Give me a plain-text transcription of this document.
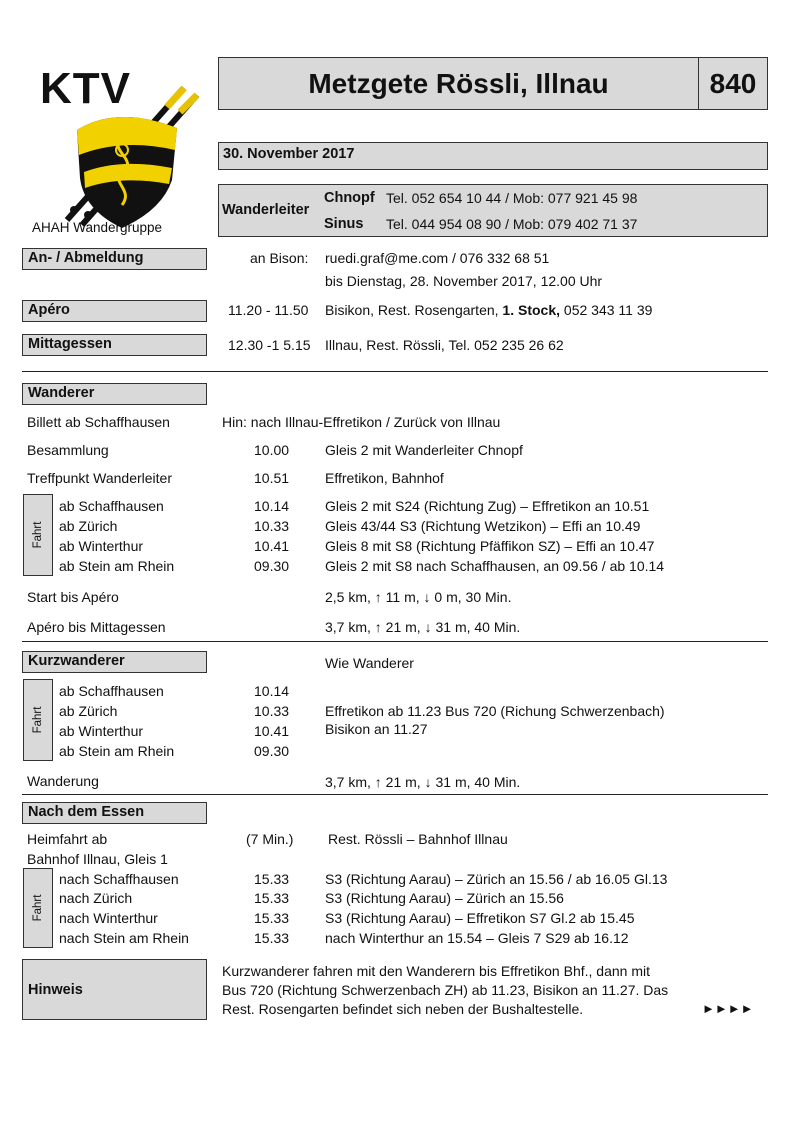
KTV
AHAH Wandergruppe
Metzgete Rössli, Illnau	840
30. November 2017
Wanderleiter
Chnopf Tel. 052 654 10 44 / Mob: 077 921 45 98
Sinus Tel. 044 954 08 90 / Mob: 079 402 71 37
An- / Abmeldung	an Bison: ruedi.graf@me.com / 076 332 68 51
bis Dienstag, 28. November 2017, 12.00 Uhr
Apéro	11.20 - 11.50 Bisikon, Rest. Rosengarten, 1. Stock, 052 343 11 39
Mittagessen	12.30 -1 5.15 Illnau, Rest. Rössli, Tel. 052 235 26 62
Wanderer
Billett ab Schaffhausen	Hin: nach Illnau-Effretikon / Zurück von Illnau
Besammlung	10.00	Gleis 2 mit Wanderleiter Chnopf
Treffpunkt Wanderleiter	10.51	Effretikon, Bahnhof
Fahrt
ab Schaffhausen	10.14	Gleis 2 mit S24 (Richtung Zug) – Effretikon an 10.51
ab Zürich	10.33	Gleis 43/44 S3 (Richtung Wetzikon) – Effi an 10.49
ab Winterthur	10.41	Gleis 8 mit S8 (Richtung Pfäffikon SZ) – Effi an 10.47
ab Stein am Rhein	09.30	Gleis 2 mit S8 nach Schaffhausen, an 09.56 / ab 10.14
Start bis Apéro	2,5 km, ↑ 11 m, ↓ 0 m, 30 Min.
Apéro bis Mittagessen	3,7 km, ↑ 21 m, ↓ 31 m, 40 Min.
Kurzwanderer	Wie Wanderer
Fahrt
ab Schaffhausen	10.14
ab Zürich	10.33	Effretikon ab 11.23 Bus 720 (Richung Schwerzenbach)
ab Winterthur	10.41	Bisikon an 11.27
ab Stein am Rhein	09.30
Wanderung	3,7 km, ↑ 21 m, ↓ 31 m, 40 Min.
Nach dem Essen
Heimfahrt ab	(7 Min.) Rest. Rössli – Bahnhof Illnau
Bahnhof Illnau, Gleis 1
Fahrt
nach Schaffhausen	15.33	S3 (Richtung Aarau) – Zürich an 15.56 / ab 16.05 Gl.13
nach Zürich	15.33	S3 (Richtung Aarau) – Zürich an 15.56
nach Winterthur	15.33	S3 (Richtung Aarau) – Effretikon S7 Gl.2 ab 15.45
nach Stein am Rhein	15.33	nach Winterthur an 15.54 – Gleis 7 S29 ab 16.12
Hinweis
Kurzwanderer fahren mit den Wanderern bis Effretikon Bhf., dann mit
Bus 720 (Richtung Schwerzenbach ZH) ab 11.23, Bisikon an 11.27. Das
Rest. Rosengarten befindet sich neben der Bushaltestelle.	►►►►
